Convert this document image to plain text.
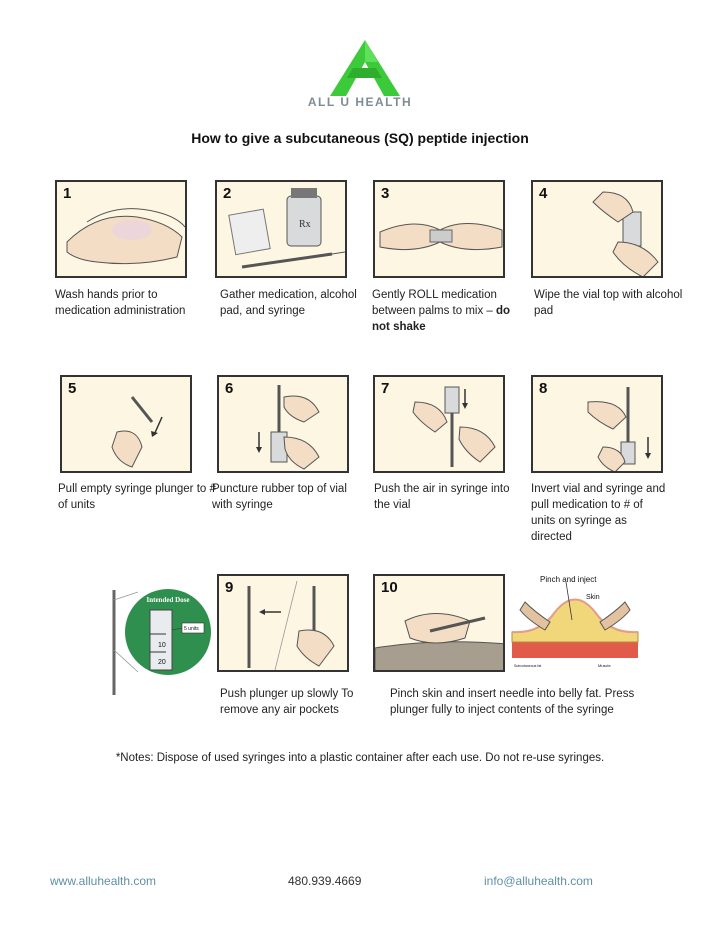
ALL U HEALTH
How to give a subcutaneous (SQ) peptide injection
1
Rx
2	3	4
Wash hands prior to medication administration
Gather medication, alcohol pad, and syringe
Gently ROLL medication between palms to mix – do not shake
Wipe the vial top with alcohol pad
5	6	7	8
Pull empty syringe plunger to # of units
Puncture rubber top of vial with syringe
Push the air in syringe into the vial
Invert vial and syringe and pull medication to # of units on syringe as directed
Intended Dose
10
20
5 units
9	10	Pinch and inject
Skin
Subcutaneous fat	Muscle
Push plunger up slowly To remove any air pockets
Pinch skin and insert needle into belly fat. Press plunger fully to inject contents of the syringe
*Notes: Dispose of used syringes into a plastic container after each use. Do not re-use syringes.
www.alluhealth.com	480.939.4669	info@alluhealth.com
